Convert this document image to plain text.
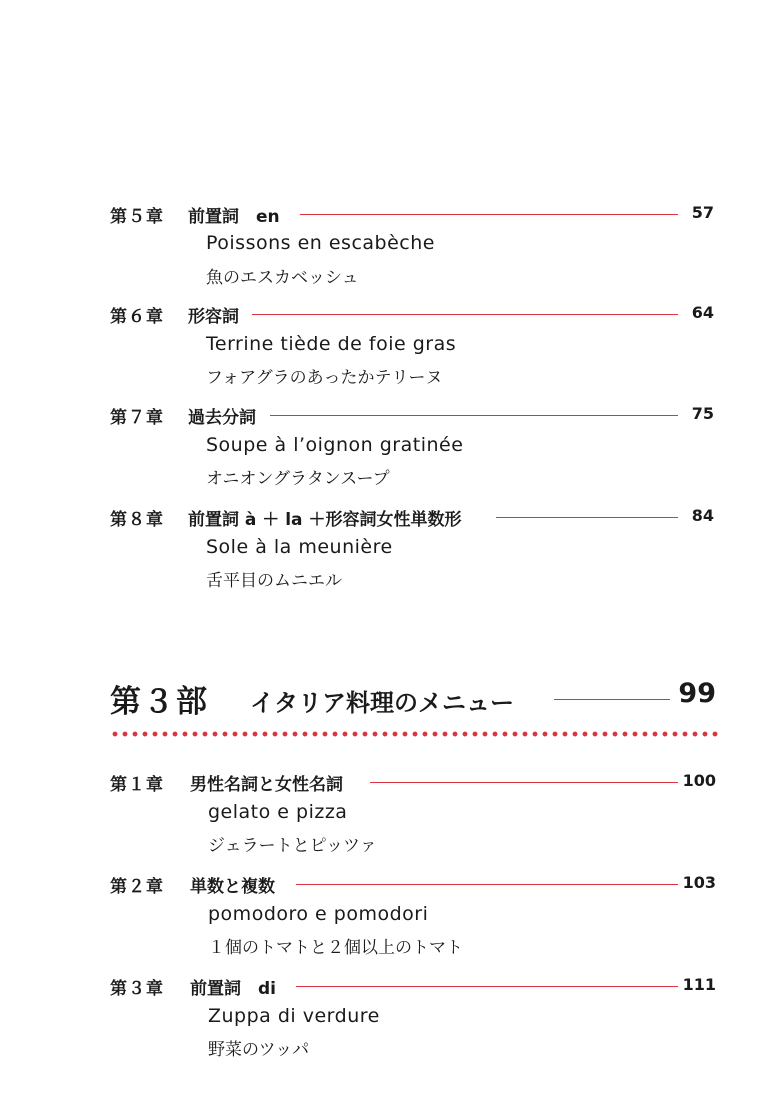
第５章 前置詞　en	57
Poissons en escabèche
魚のエスカベッシュ
第６章 形容詞	64
Terrine tiède de foie gras
フォアグラのあったかテリーヌ
第７章 過去分詞	75
Soupe à l’oignon gratinée
オニオングラタンスープ
第８章 前置詞 à ＋ la ＋形容詞女性単数形	84
Sole à la meunière
舌平目のムニエル
第３部 イタリア料理のメニュー	99
第１章 男性名詞と女性名詞	100
gelato e pizza
ジェラートとピッツァ
第２章 単数と複数	103
pomodoro e pomodori
１個のトマトと２個以上のトマト
第３章 前置詞　di	111
Zuppa di verdure
野菜のツッパ
